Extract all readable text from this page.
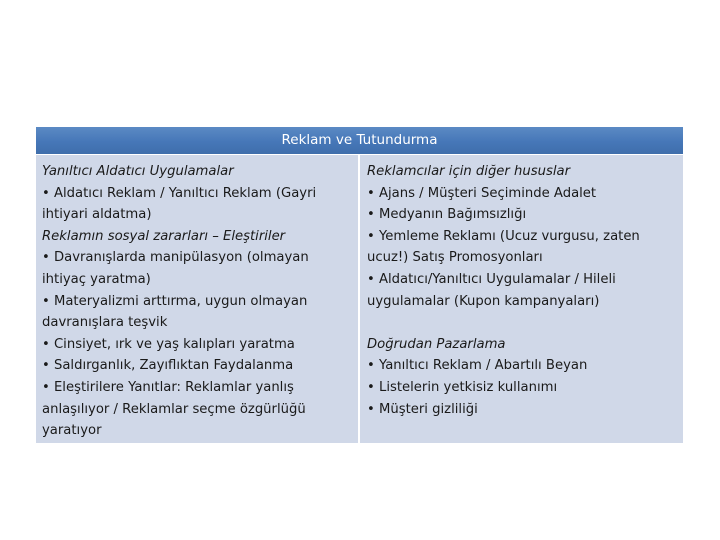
Reklam ve Tutundurma
Yanıltıcı Aldatıcı Uygulamalar
• Aldatıcı Reklam / Yanıltıcı Reklam (Gayri
ihtiyari aldatma)
Reklamın sosyal zararları – Eleştiriler
• Davranışlarda manipülasyon (olmayan
ihtiyaç yaratma)
• Materyalizmi arttırma, uygun olmayan
davranışlara teşvik
• Cinsiyet, ırk ve yaş kalıpları yaratma
• Saldırganlık, Zayıflıktan Faydalanma
• Eleştirilere Yanıtlar: Reklamlar yanlış
anlaşılıyor / Reklamlar seçme özgürlüğü
yaratıyor
Reklamcılar için diğer hususlar
• Ajans / Müşteri Seçiminde Adalet
• Medyanın Bağımsızlığı
• Yemleme Reklamı (Ucuz vurgusu, zaten
ucuz!) Satış Promosyonları
• Aldatıcı/Yanıltıcı Uygulamalar / Hileli
uygulamalar (Kupon kampanyaları)
Doğrudan Pazarlama
• Yanıltıcı Reklam / Abartılı Beyan
• Listelerin yetkisiz kullanımı
• Müşteri gizliliği
